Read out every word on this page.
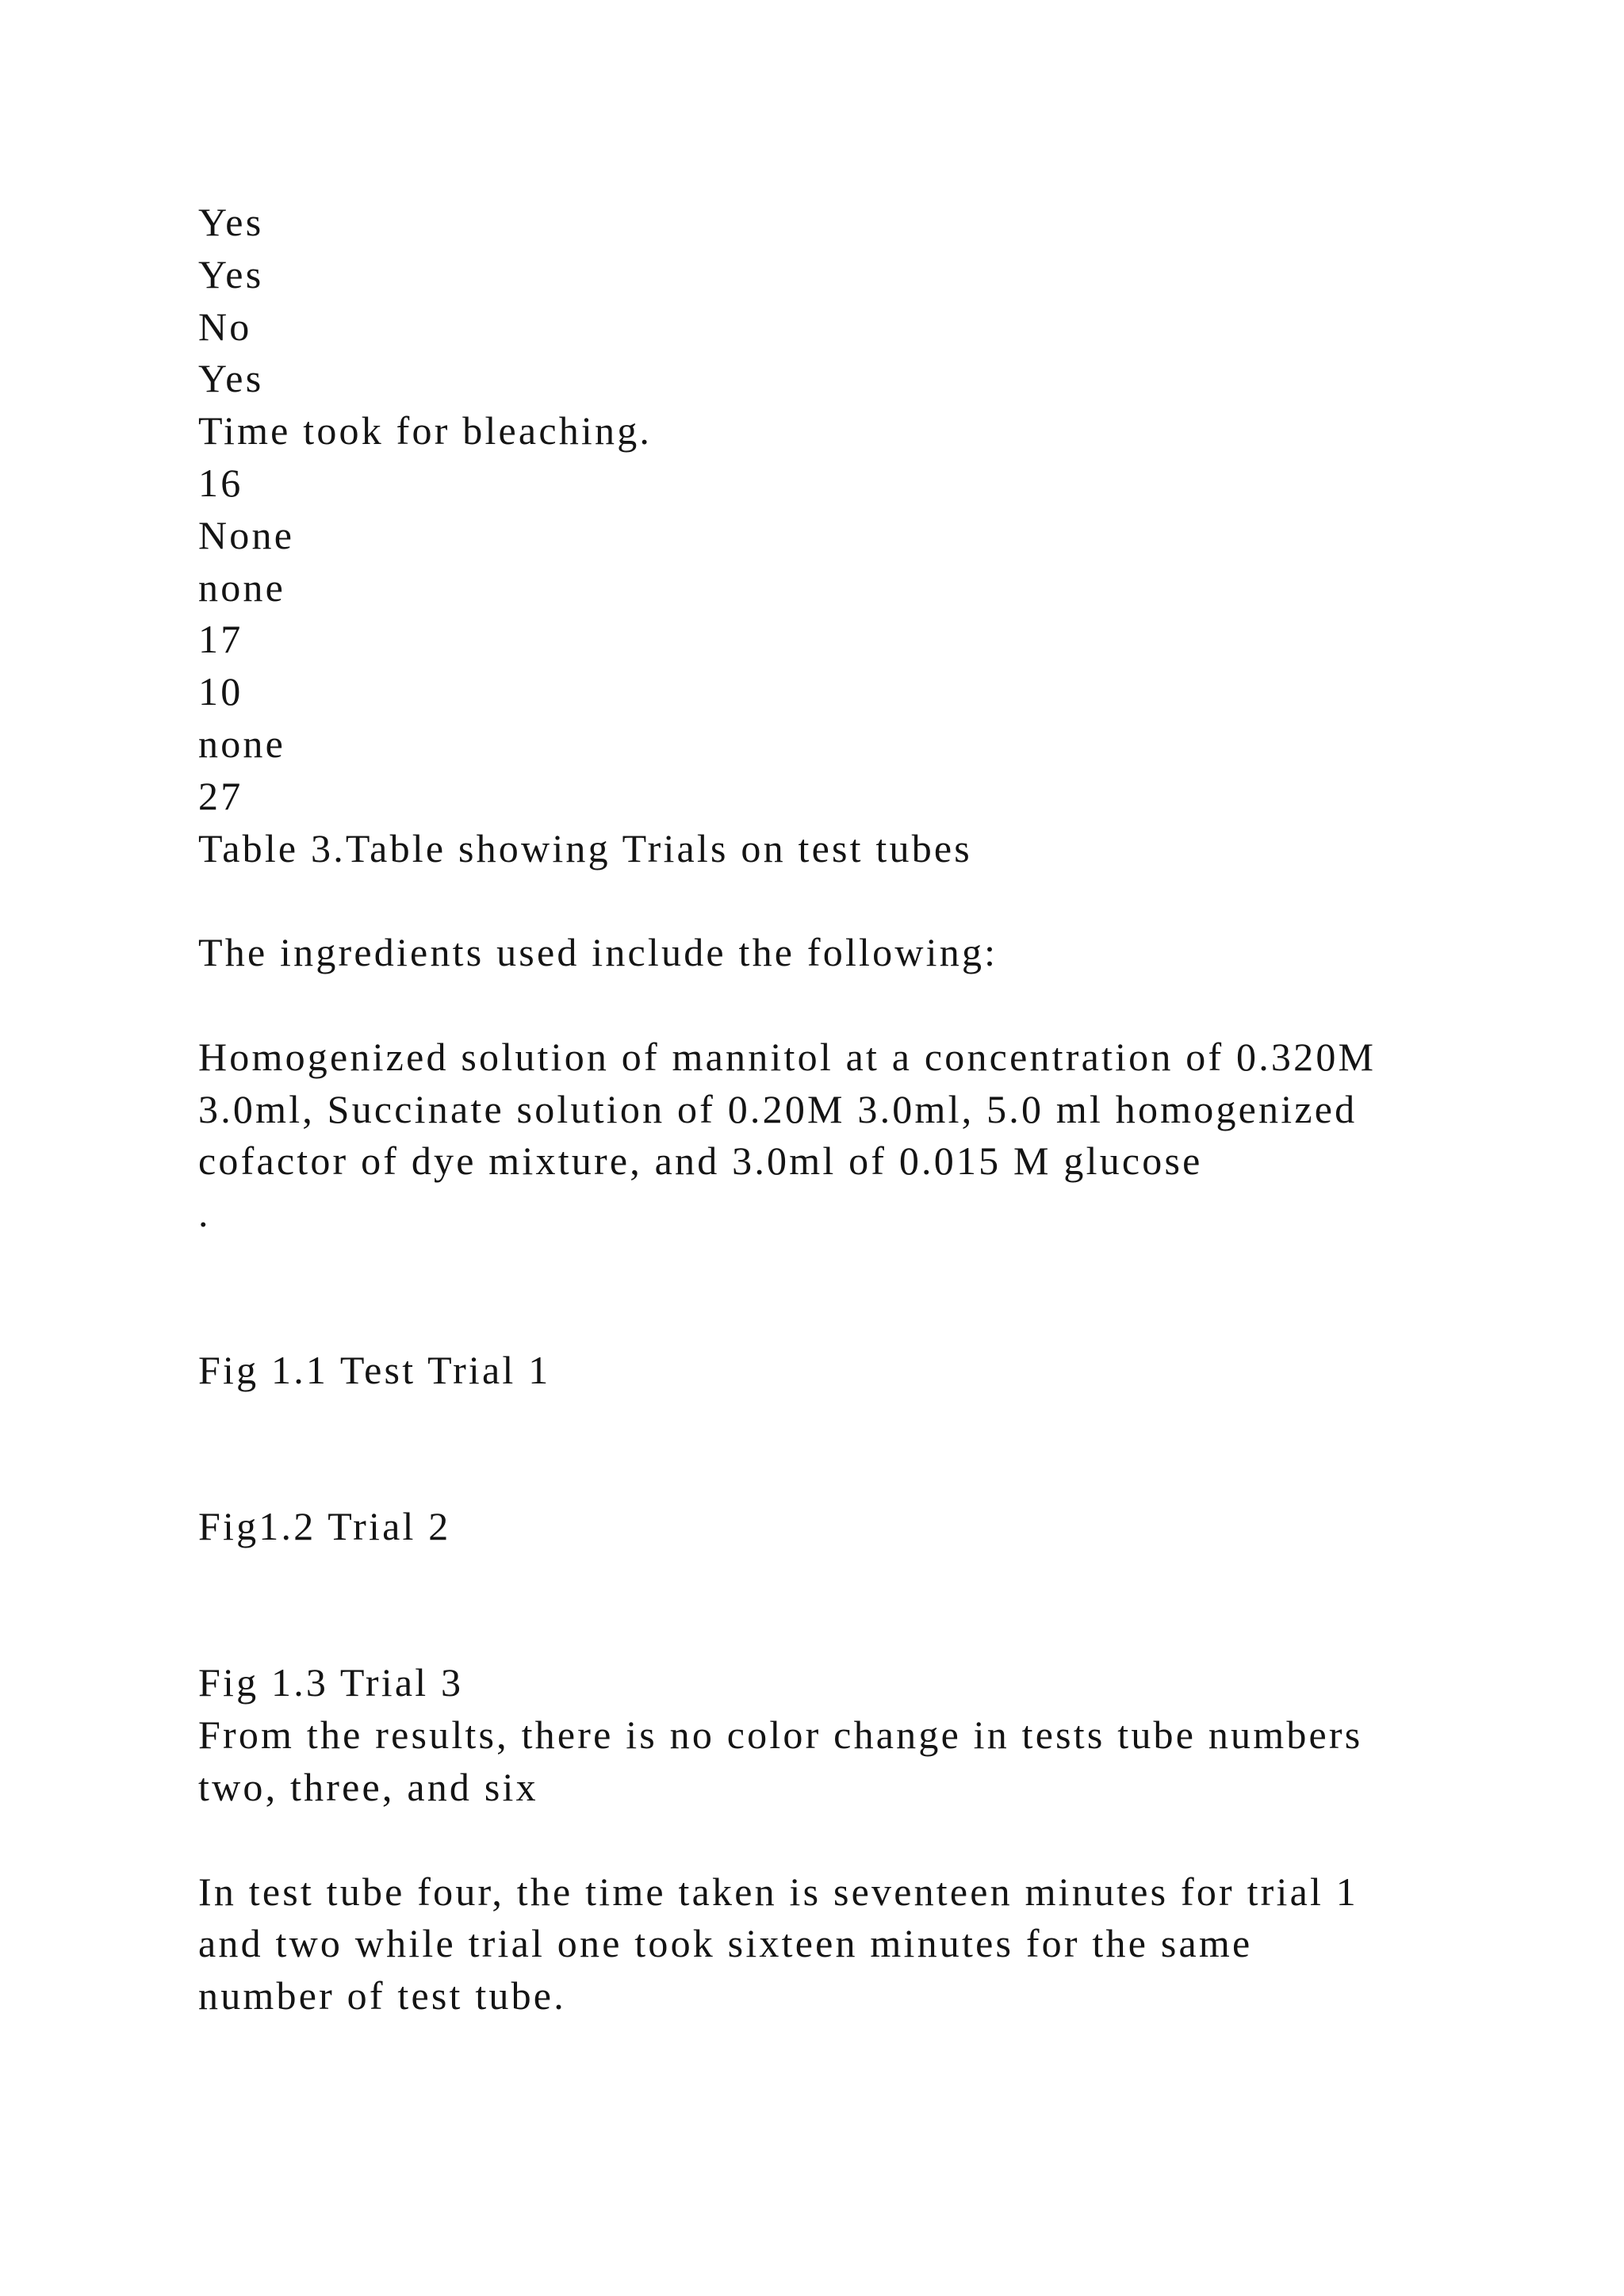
Yes
Yes
No
Yes
Time took for bleaching.
16
None
none
17
10
none
27
Table 3.Table showing Trials on test tubes
The ingredients used include the following:
Homogenized solution of mannitol at a concentration of 0.320M
3.0ml, Succinate solution of 0.20M 3.0ml, 5.0 ml homogenized
cofactor of dye mixture, and 3.0ml of 0.015 M glucose
.
Fig 1.1 Test Trial 1
Fig1.2 Trial 2
Fig 1.3 Trial 3
From the results, there is no color change in tests tube numbers
two, three, and six
In test tube four, the time taken is seventeen minutes for trial 1
and two while trial one took sixteen minutes for the same
number of test tube.
